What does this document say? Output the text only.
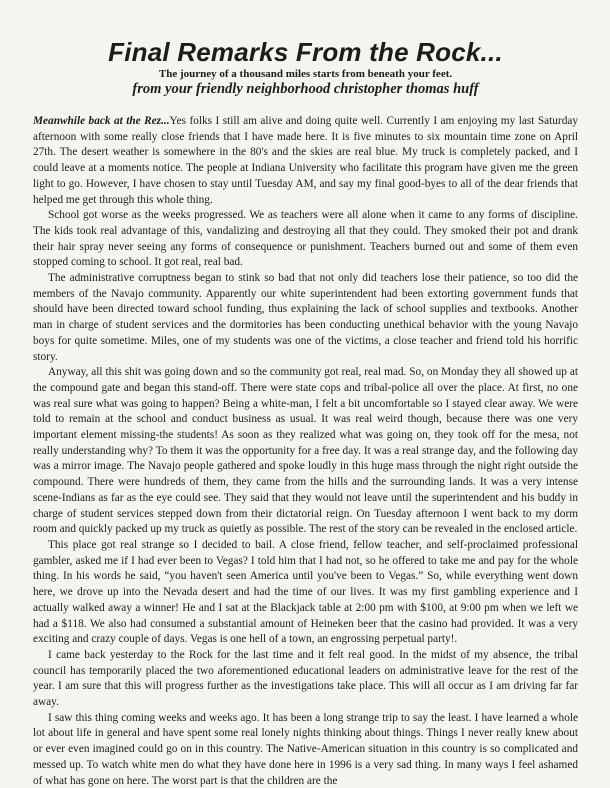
Final Remarks From the Rock...

The journey of a thousand miles starts from beneath your feet.

from your friendly neighborhood christopher thomas huff

Meanwhile back at the Rez...Yes folks I still am alive and doing quite well. Currently I am enjoying my last Saturday afternoon with some really close friends that I have made here. It is five minutes to six mountain time zone on April 27th. The desert weather is somewhere in the 80's and the skies are real blue. My truck is completely packed, and I could leave at a moments notice. The people at Indiana University who facilitate this program have given me the green light to go. However, I have chosen to stay until Tuesday AM, and say my final good-byes to all of the dear friends that helped me get through this whole thing.

School got worse as the weeks progressed. We as teachers were all alone when it came to any forms of discipline. The kids took real advantage of this, vandalizing and destroying all that they could. They smoked their pot and drank their hair spray never seeing any forms of consequence or punishment. Teachers burned out and some of them even stopped coming to school. It got real, real bad.

The administrative corruptness began to stink so bad that not only did teachers lose their patience, so too did the members of the Navajo community. Apparently our white superintendent had been extorting government funds that should have been directed toward school funding, thus explaining the lack of school supplies and textbooks. Another man in charge of student services and the dormitories has been conducting unethical behavior with the young Navajo boys for quite sometime. Miles, one of my students was one of the victims, a close teacher and friend told his horrific story.

Anyway, all this shit was going down and so the community got real, real mad. So, on Monday they all showed up at the compound gate and began this stand-off. There were state cops and tribal-police all over the place. At first, no one was real sure what was going to happen? Being a white-man, I felt a bit uncomfortable so I stayed clear away. We were told to remain at the school and conduct business as usual. It was real weird though, because there was one very important element missing-the students! As soon as they realized what was going on, they took off for the mesa, not really understanding why? To them it was the opportunity for a free day. It was a real strange day, and the following day was a mirror image. The Navajo people gathered and spoke loudly in this huge mass through the night right outside the compound. There were hundreds of them, they came from the hills and the surrounding lands. It was a very intense scene-Indians as far as the eye could see. They said that they would not leave until the superintendent and his buddy in charge of student services stepped down from their dictatorial reign. On Tuesday afternoon I went back to my dorm room and quickly packed up my truck as quietly as possible. The rest of the story can be revealed in the enclosed article.

This place got real strange so I decided to bail. A close friend, fellow teacher, and self-proclaimed professional gambler, asked me if I had ever been to Vegas? I told him that I had not, so he offered to take me and pay for the whole thing. In his words he said, “you haven't seen America until you've been to Vegas.” So, while everything went down here, we drove up into the Nevada desert and had the time of our lives. It was my first gambling experience and I actually walked away a winner! He and I sat at the Blackjack table at 2:00 pm with $100, at 9:00 pm when we left we had a $118. We also had consumed a substantial amount of Heineken beer that the casino had provided. It was a very exciting and crazy couple of days. Vegas is one hell of a town, an engrossing perpetual party!.

I came back yesterday to the Rock for the last time and it felt real good. In the midst of my absence, the tribal council has temporarily placed the two aforementioned educational leaders on administrative leave for the rest of the year. I am sure that this will progress further as the investigations take place. This will all occur as I am driving far far away.

I saw this thing coming weeks and weeks ago. It has been a long strange trip to say the least. I have learned a whole lot about life in general and have spent some real lonely nights thinking about things. Things I never really knew about or ever even imagined could go on in this country. The Native-American situation in this country is so complicated and messed up. To watch white men do what they have done here in 1996 is a very sad thing. In many ways I feel ashamed of what has gone on here. The worst part is that the children are the
